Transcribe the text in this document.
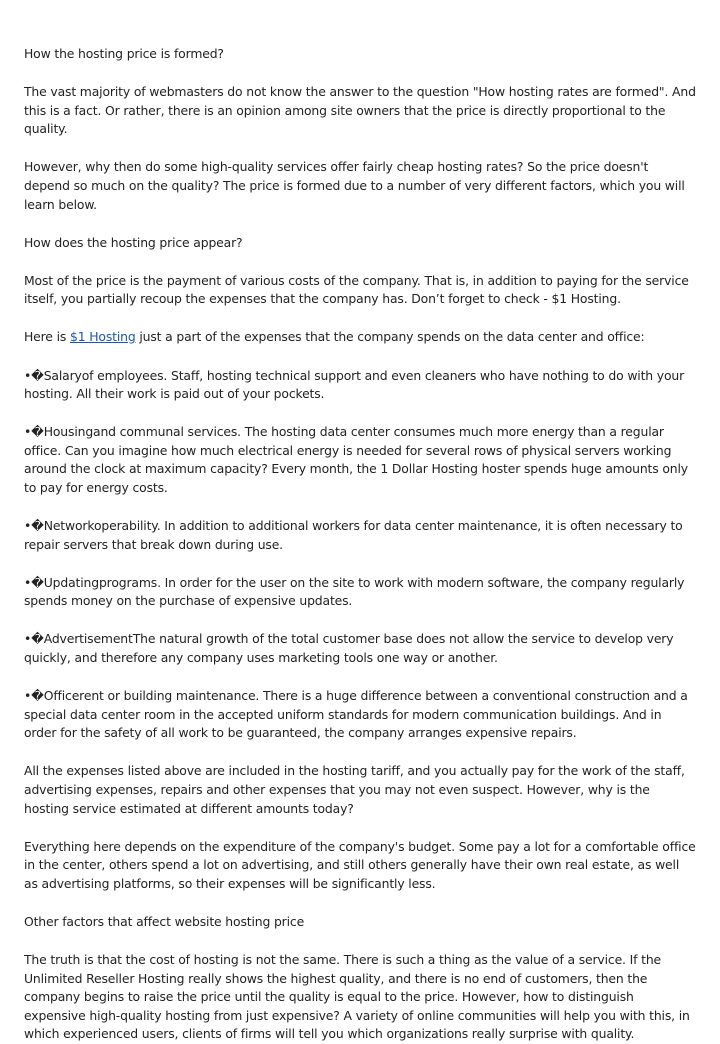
How the hosting price is formed?

The vast majority of webmasters do not know the answer to the question "How hosting rates are formed". And this is a fact. Or rather, there is an opinion among site owners that the price is directly proportional to the quality.

However, why then do some high-quality services offer fairly cheap hosting rates? So the price doesn't depend so much on the quality? The price is formed due to a number of very different factors, which you will learn below.

How does the hosting price appear?

Most of the price is the payment of various costs of the company. That is, in addition to paying for the service itself, you partially recoup the expenses that the company has. Don’t forget to check - $1 Hosting.

Here is $1 Hosting just a part of the expenses that the company spends on the data center and office:

•�Salaryof employees. Staff, hosting technical support and even cleaners who have nothing to do with your hosting. All their work is paid out of your pockets.

•�Housingand communal services. The hosting data center consumes much more energy than a regular office. Can you imagine how much electrical energy is needed for several rows of physical servers working around the clock at maximum capacity? Every month, the 1 Dollar Hosting hoster spends huge amounts only to pay for energy costs.

•�Networkoperability. In addition to additional workers for data center maintenance, it is often necessary to repair servers that break down during use.

•�Updatingprograms. In order for the user on the site to work with modern software, the company regularly spends money on the purchase of expensive updates.

•�AdvertisementThe natural growth of the total customer base does not allow the service to develop very quickly, and therefore any company uses marketing tools one way or another.

•�Officerent or building maintenance. There is a huge difference between a conventional construction and a special data center room in the accepted uniform standards for modern communication buildings. And in order for the safety of all work to be guaranteed, the company arranges expensive repairs.

All the expenses listed above are included in the hosting tariff, and you actually pay for the work of the staff, advertising expenses, repairs and other expenses that you may not even suspect. However, why is the hosting service estimated at different amounts today?

Everything here depends on the expenditure of the company's budget. Some pay a lot for a comfortable office in the center, others spend a lot on advertising, and still others generally have their own real estate, as well as advertising platforms, so their expenses will be significantly less.

Other factors that affect website hosting price

The truth is that the cost of hosting is not the same. There is such a thing as the value of a service. If the Unlimited Reseller Hosting really shows the highest quality, and there is no end of customers, then the company begins to raise the price until the quality is equal to the price. However, how to distinguish expensive high-quality hosting from just expensive? A variety of online communities will help you with this, in which experienced users, clients of firms will tell you which organizations really surprise with quality.
